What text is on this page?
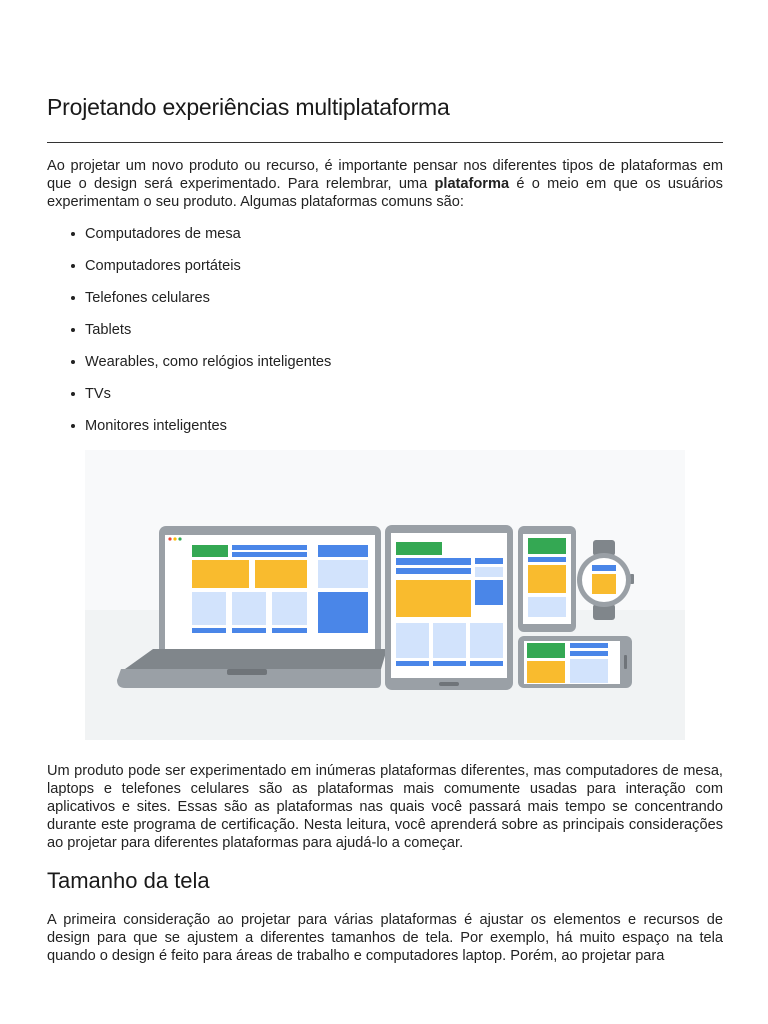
Projetando experiências multiplataforma

Ao projetar um novo produto ou recurso, é importante pensar nos diferentes tipos de plataformas em que o design será experimentado. Para relembrar, uma plataforma é o meio em que os usuários experimentam o seu produto. Algumas plataformas comuns são:

Computadores de mesa
Computadores portáteis
Telefones celulares
Tablets
Wearables, como relógios inteligentes
TVs
Monitores inteligentes

Um produto pode ser experimentado em inúmeras plataformas diferentes, mas computadores de mesa, laptops e telefones celulares são as plataformas mais comumente usadas para interação com aplicativos e sites. Essas são as plataformas nas quais você passará mais tempo se concentrando durante este programa de certificação. Nesta leitura, você aprenderá sobre as principais considerações ao projetar para diferentes plataformas para ajudá-lo a começar.

Tamanho da tela

A primeira consideração ao projetar para várias plataformas é ajustar os elementos e recursos de design para que se ajustem a diferentes tamanhos de tela. Por exemplo, há muito espaço na tela quando o design é feito para áreas de trabalho e computadores laptop. Porém, ao projetar para
